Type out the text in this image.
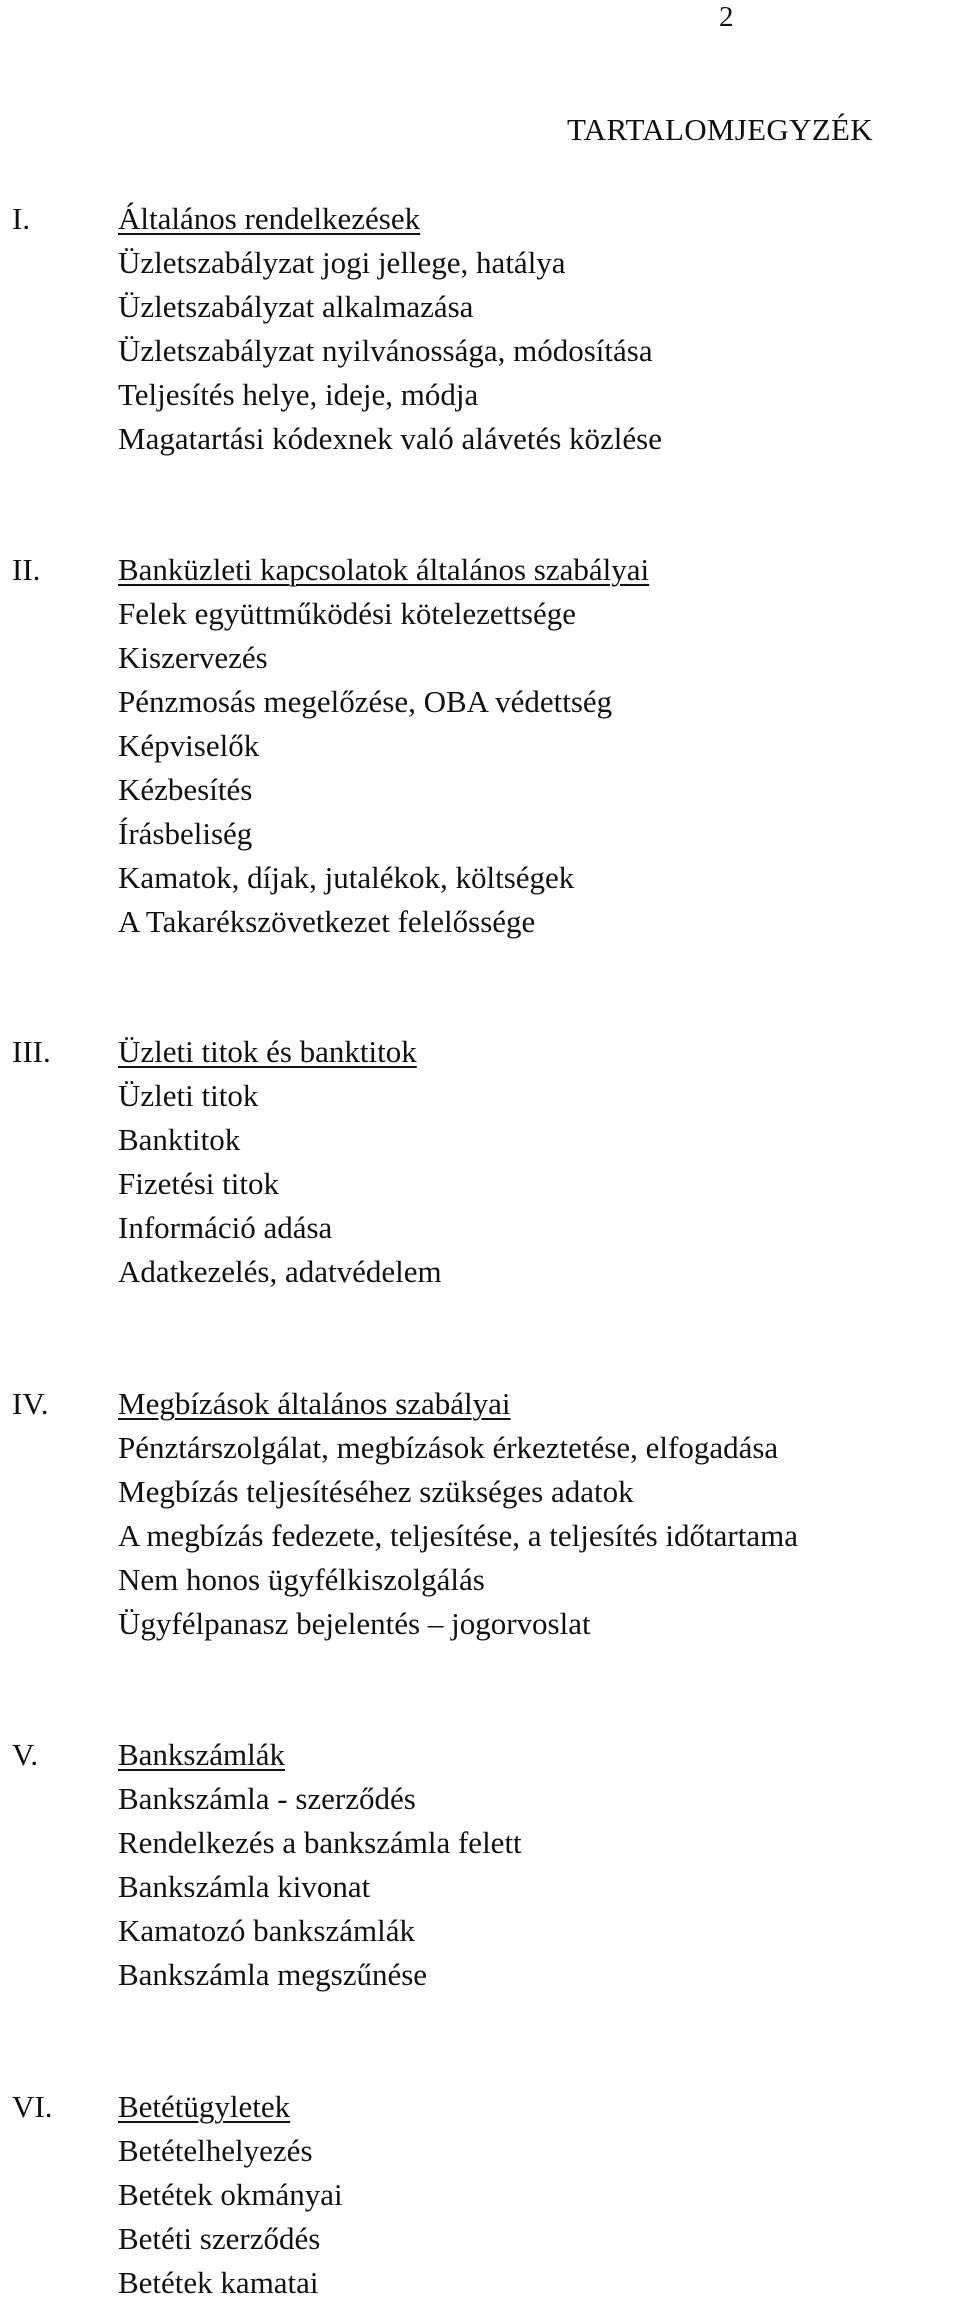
2
TARTALOMJEGYZÉK
I.	Általános rendelkezések
Üzletszabályzat jogi jellege, hatálya
Üzletszabályzat alkalmazása
Üzletszabályzat nyilvánossága, módosítása
Teljesítés helye, ideje, módja
Magatartási kódexnek való alávetés közlése
II.	Banküzleti kapcsolatok általános szabályai
Felek együttműködési kötelezettsége
Kiszervezés
Pénzmosás megelőzése, OBA védettség
Képviselők
Kézbesítés
Írásbeliség
Kamatok, díjak, jutalékok, költségek
A Takarékszövetkezet felelőssége
III. Üzleti titok és banktitok
Üzleti titok
Banktitok
Fizetési titok
Információ adása
Adatkezelés, adatvédelem
IV. Megbízások általános szabályai
Pénztárszolgálat, megbízások érkeztetése, elfogadása
Megbízás teljesítéséhez szükséges adatok
A megbízás fedezete, teljesítése, a teljesítés időtartama
Nem honos ügyfélkiszolgálás
Ügyfélpanasz bejelentés – jogorvoslat
V.	Bankszámlák
Bankszámla - szerződés
Rendelkezés a bankszámla felett
Bankszámla kivonat
Kamatozó bankszámlák
Bankszámla megszűnése
VI. Betétügyletek
Betételhelyezés
Betétek okmányai
Betéti szerződés
Betétek kamatai
